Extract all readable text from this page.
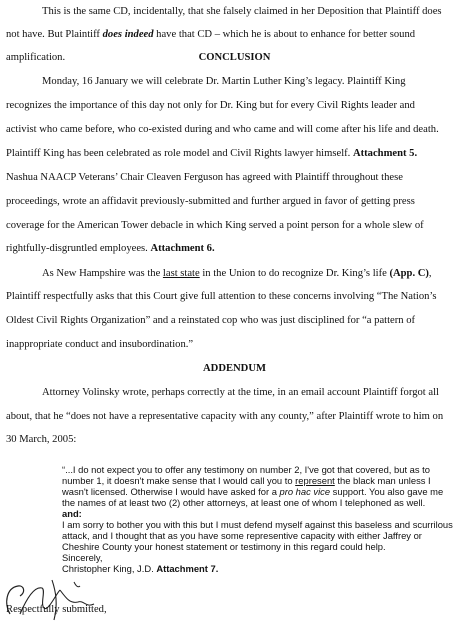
This is the same CD, incidentally, that she falsely claimed in her Deposition that Plaintiff does
not have. But Plaintiff does indeed have that CD – which he is about to enhance for better sound
amplification.	CONCLUSION
Monday, 16 January we will celebrate Dr. Martin Luther King’s legacy. Plaintiff King
recognizes the importance of this day not only for Dr. King but for every Civil Rights leader and
activist who came before, who co-existed during and who came and will come after his life and death.
Plaintiff King has been celebrated as role model and Civil Rights lawyer himself. Attachment 5.
Nashua NAACP Veterans’ Chair Cleaven Ferguson has agreed with Plaintiff throughout these
proceedings, wrote an affidavit previously-submitted and further argued in favor of getting press
coverage for the American Tower debacle in which King served a point person for a whole slew of
rightfully-disgruntled employees. Attachment 6.
As New Hampshire was the last state in the Union to do recognize Dr. King’s life (App. C),
Plaintiff respectfully asks that this Court give full attention to these concerns involving “The Nation’s
Oldest Civil Rights Organization” and a reinstated cop who was just disciplined for “a pattern of
inappropriate conduct and insubordination.”
ADDENDUM
Attorney Volinsky wrote, perhaps correctly at the time, in an email account Plaintiff forgot all
about, that he “does not have a representative capacity with any county,” after Plaintiff wrote to him on
30 March, 2005:
“...I do not expect you to offer any testimony on number 2, I've got that covered, but as to
number 1, it doesn't make sense that I would call you to represent the black man unless I
wasn't licensed. Otherwise I would have asked for a pro hac vice support. You also gave me
the names of at least two (2) other attorneys, at least one of whom I telephoned as well.
and:
I am sorry to bother you with this but I must defend myself against this baseless and scurrilous
attack, and I thought that as you have some representive capacity with either Jaffrey or
Cheshire County your honest statement or testimony in this regard could help.
Sincerely,
Christopher King, J.D. Attachment 7.
Respectfully submitted,
